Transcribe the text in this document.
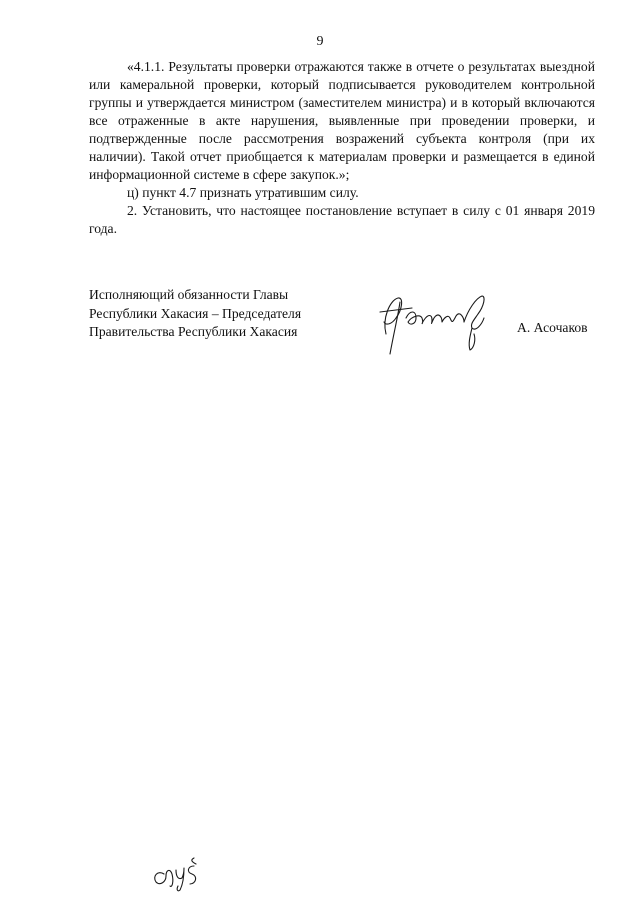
9

«4.1.1. Результаты проверки отражаются также в отчете о результатах выездной или камеральной проверки, который подписывается руководителем контрольной группы и утверждается министром (заместителем министра) и в который включаются все отраженные в акте нарушения, выявленные при проведении проверки, и подтвержденные после рассмотрения возражений субъекта контроля (при их наличии). Такой отчет приобщается к материалам проверки и размещается в единой информационной системе в сфере закупок.»;

ц) пункт 4.7 признать утратившим силу.

2. Установить, что настоящее постановление вступает в силу с 01 января 2019 года.

Исполняющий обязанности Главы
Республики Хакасия – Председателя
Правительства Республики Хакасия	А. Асочаков
